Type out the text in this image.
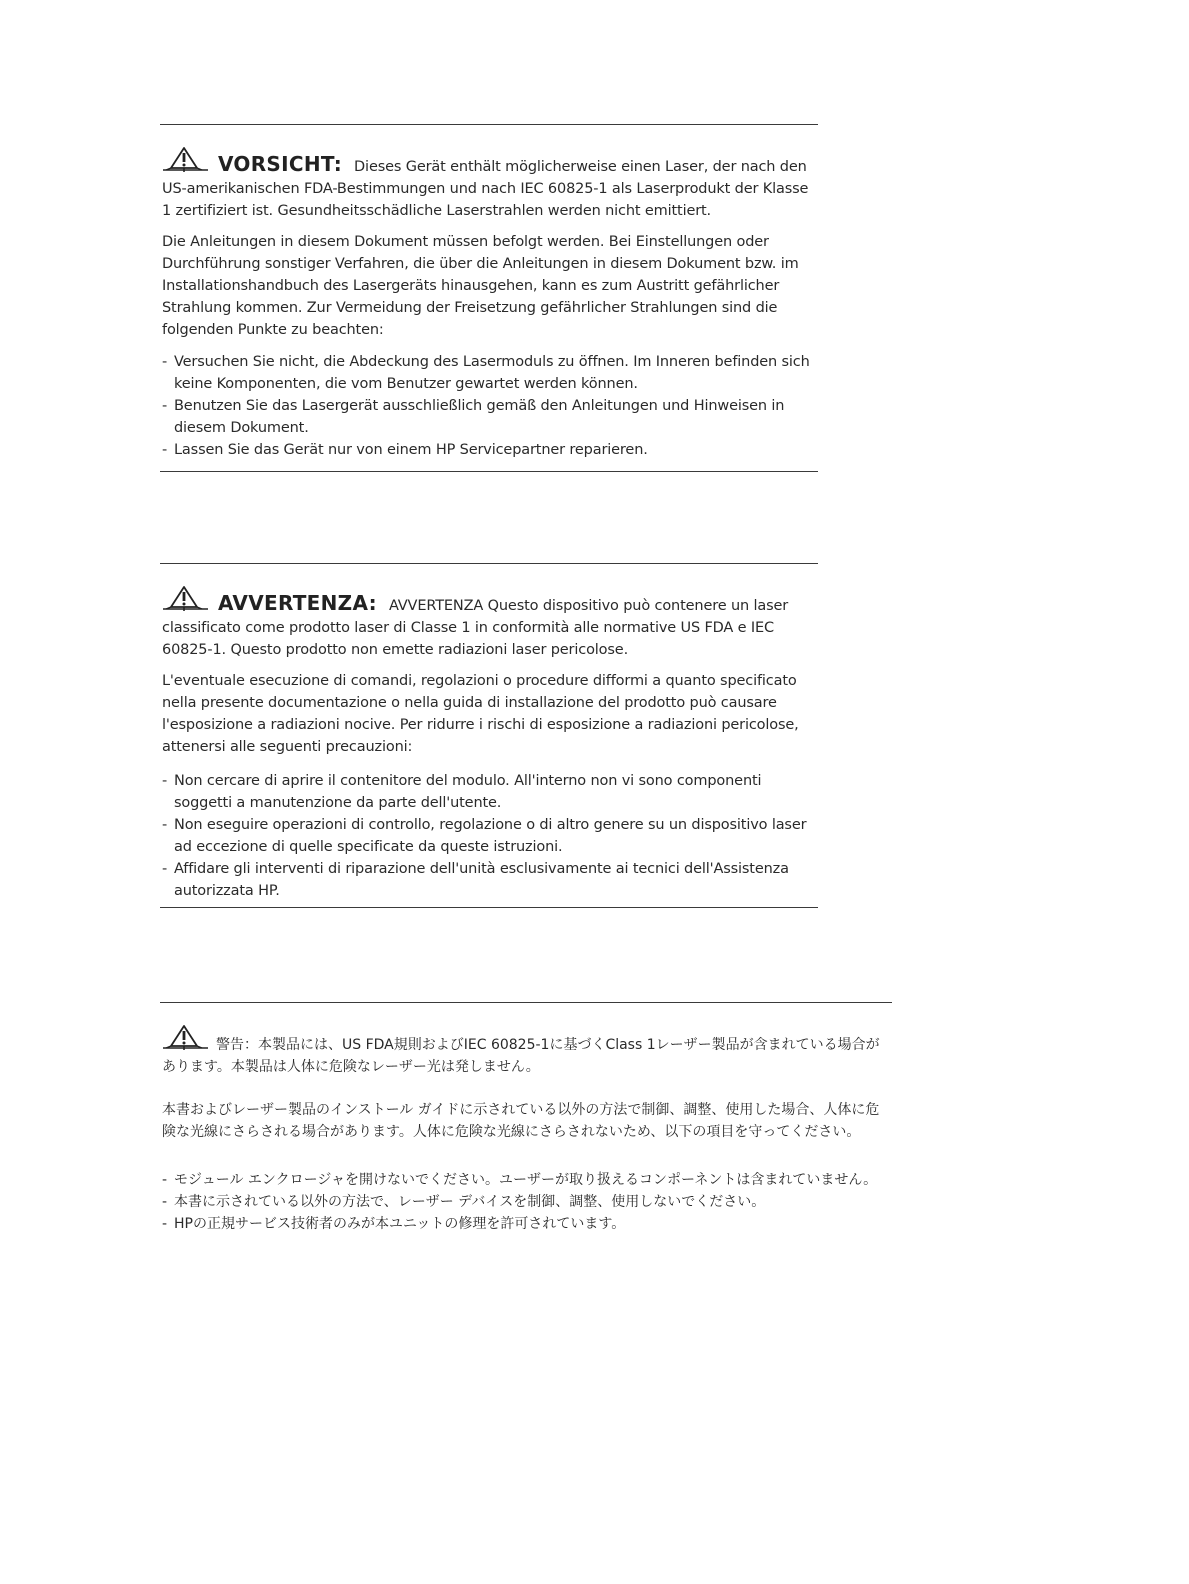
VORSICHT: Dieses Gerät enthält möglicherweise einen Laser, der nach den US-amerikanischen FDA-Bestimmungen und nach IEC 60825-1 als Laserprodukt der Klasse 1 zertifiziert ist. Gesundheitsschädliche Laserstrahlen werden nicht emittiert.

Die Anleitungen in diesem Dokument müssen befolgt werden. Bei Einstellungen oder Durchführung sonstiger Verfahren, die über die Anleitungen in diesem Dokument bzw. im Installationshandbuch des Lasergeräts hinausgehen, kann es zum Austritt gefährlicher Strahlung kommen. Zur Vermeidung der Freisetzung gefährlicher Strahlungen sind die folgenden Punkte zu beachten:

- Versuchen Sie nicht, die Abdeckung des Lasermoduls zu öffnen. Im Inneren befinden sich keine Komponenten, die vom Benutzer gewartet werden können.
- Benutzen Sie das Lasergerät ausschließlich gemäß den Anleitungen und Hinweisen in diesem Dokument.
- Lassen Sie das Gerät nur von einem HP Servicepartner reparieren.

AVVERTENZA: AVVERTENZA Questo dispositivo può contenere un laser classificato come prodotto laser di Classe 1 in conformità alle normative US FDA e IEC 60825-1. Questo prodotto non emette radiazioni laser pericolose.

L'eventuale esecuzione di comandi, regolazioni o procedure difformi a quanto specificato nella presente documentazione o nella guida di installazione del prodotto può causare l'esposizione a radiazioni nocive. Per ridurre i rischi di esposizione a radiazioni pericolose, attenersi alle seguenti precauzioni:

- Non cercare di aprire il contenitore del modulo. All'interno non vi sono componenti soggetti a manutenzione da parte dell'utente.
- Non eseguire operazioni di controllo, regolazione o di altro genere su un dispositivo laser ad eccezione di quelle specificate da queste istruzioni.
- Affidare gli interventi di riparazione dell'unità esclusivamente ai tecnici dell'Assistenza autorizzata HP.

警告：本製品には、US FDA規則およびIEC 60825-1に基づくClass 1レーザー製品が含まれている場合があります。本製品は人体に危険なレーザー光は発しません。

本書およびレーザー製品のインストール ガイドに示されている以外の方法で制御、調整、使用した場合、人体に危険な光線にさらされる場合があります。人体に危険な光線にさらされないため、以下の項目を守ってください。

- モジュール エンクロージャを開けないでください。ユーザーが取り扱えるコンポーネントは含まれていません。
- 本書に示されている以外の方法で、レーザー デバイスを制御、調整、使用しないでください。
- HPの正規サービス技術者のみが本ユニットの修理を許可されています。
